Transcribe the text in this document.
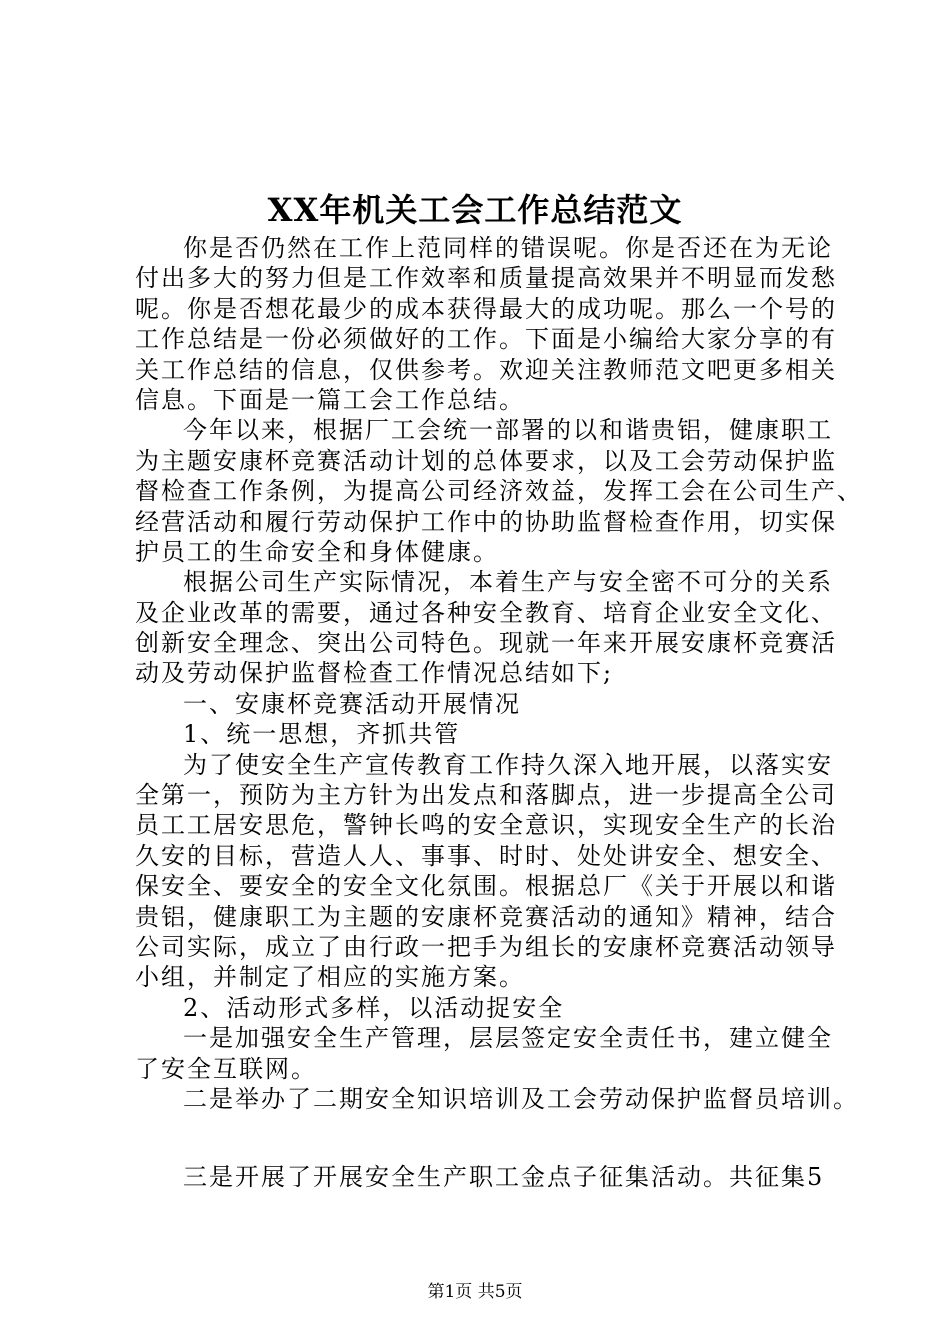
XX年机关工会工作总结范文
你是否仍然在工作上范同样的错误呢。你是否还在为无论
付出多大的努力但是工作效率和质量提高效果并不明显而发愁
呢。你是否想花最少的成本获得最大的成功呢。那么一个号的
工作总结是一份必须做好的工作。下面是小编给大家分享的有
关工作总结的信息，仅供参考。欢迎关注教师范文吧更多相关
信息。下面是一篇工会工作总结。
今年以来，根据厂工会统一部署的以和谐贵铝，健康职工
为主题安康杯竞赛活动计划的总体要求，以及工会劳动保护监
督检查工作条例，为提高公司经济效益，发挥工会在公司生产、
经营活动和履行劳动保护工作中的协助监督检查作用，切实保
护员工的生命安全和身体健康。
根据公司生产实际情况，本着生产与安全密不可分的关系
及企业改革的需要，通过各种安全教育、培育企业安全文化、
创新安全理念、突出公司特色。现就一年来开展安康杯竞赛活
动及劳动保护监督检查工作情况总结如下;
一、安康杯竞赛活动开展情况
1、统一思想，齐抓共管
为了使安全生产宣传教育工作持久深入地开展，以落实安
全第一，预防为主方针为出发点和落脚点，进一步提高全公司
员工工居安思危，警钟长鸣的安全意识，实现安全生产的长治
久安的目标，营造人人、事事、时时、处处讲安全、想安全、
保安全、要安全的安全文化氛围。根据总厂《关于开展以和谐
贵铝，健康职工为主题的安康杯竞赛活动的通知》精神，结合
公司实际，成立了由行政一把手为组长的安康杯竞赛活动领导
小组，并制定了相应的实施方案。
2、活动形式多样，以活动捉安全
一是加强安全生产管理，层层签定安全责任书，建立健全
了安全互联网。
二是举办了二期安全知识培训及工会劳动保护监督员培训。
三是开展了开展安全生产职工金点子征集活动。共征集5
第1页 共5页
